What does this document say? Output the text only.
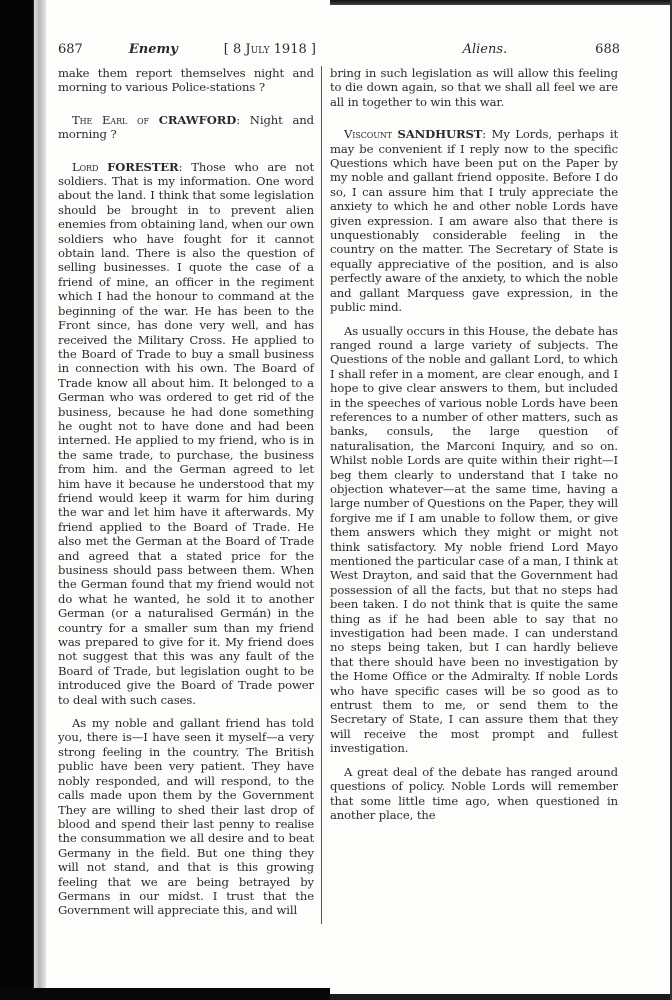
687	Enemy	[ 8 July 1918 ]	Aliens.	688

make them report themselves night and morning to various Police-stations ?

The Earl of CRAWFORD: Night and morning ?

Lord FORESTER: Those who are not soldiers. That is my information. One word about the land. I think that some legislation should be brought in to prevent alien enemies from obtaining land, when our own soldiers who have fought for it cannot obtain land. There is also the question of selling businesses. I quote the case of a friend of mine, an officer in the regiment which I had the honour to command at the beginning of the war. He has been to the Front since, has done very well, and has received the Military Cross. He applied to the Board of Trade to buy a small business in connection with his own. The Board of Trade know all about him. It belonged to a German who was ordered to get rid of the business, because he had done something he ought not to have done and had been interned. He applied to my friend, who is in the same trade, to purchase, the business from him. and the German agreed to let him have it because he understood that my friend would keep it warm for him during the war and let him have it afterwards. My friend applied to the Board of Trade. He also met the German at the Board of Trade and agreed that a stated price for the business should pass between them. When the German found that my friend would not do what he wanted, he sold it to another German (or a naturalised Germán) in the country for a smaller sum than my friend was prepared to give for it. My friend does not suggest that this was any fault of the Board of Trade, but legislation ought to be introduced give the Board of Trade power to deal with such cases.

As my noble and gallant friend has told you, there is—I have seen it myself—a very strong feeling in the country. The British public have been very patient. They have nobly responded, and will respond, to the calls made upon them by the Government They are willing to shed their last drop of blood and spend their last penny to realise the consummation we all desire and to beat Germany in the field. But one thing they will not stand, and that is this growing feeling that we are being betrayed by Germans in our midst. I trust that the Government will appreciate this, and will

bring in such legislation as will allow this feeling to die down again, so that we shall all feel we are all in together to win this war.

Viscount SANDHURST: My Lords, perhaps it may be convenient if I reply now to the specific Questions which have been put on the Paper by my noble and gallant friend opposite. Before I do so, I can assure him that I truly appreciate the anxiety to which he and other noble Lords have given expression. I am aware also that there is unquestionably considerable feeling in the country on the matter. The Secretary of State is equally appreciative of the position, and is also perfectly aware of the anxiety, to which the noble and gallant Marquess gave expression, in the public mind.

As usually occurs in this House, the debate has ranged round a large variety of subjects. The Questions of the noble and gallant Lord, to which I shall refer in a moment, are clear enough, and I hope to give clear answers to them, but included in the speeches of various noble Lords have been references to a number of other matters, such as banks, consuls, the large question of naturalisation, the Marconi Inquiry, and so on. Whilst noble Lords are quite within their right—I beg them clearly to understand that I take no objection whatever—at the same time, having a large number of Questions on the Paper, they will forgive me if I am unable to follow them, or give them answers which they might or might not think satisfactory. My noble friend Lord Mayo mentioned the particular case of a man, I think at West Drayton, and said that the Government had possession of all the facts, but that no steps had been taken. I do not think that is quite the same thing as if he had been able to say that no investigation had been made. I can understand no steps being taken, but I can hardly believe that there should have been no investigation by the Home Office or the Admiralty. If noble Lords who have specific cases will be so good as to entrust them to me, or send them to the Secretary of State, I can assure them that they will receive the most prompt and fullest investigation.

A great deal of the debate has ranged around questions of policy. Noble Lords will remember that some little time ago, when questioned in another place, the
